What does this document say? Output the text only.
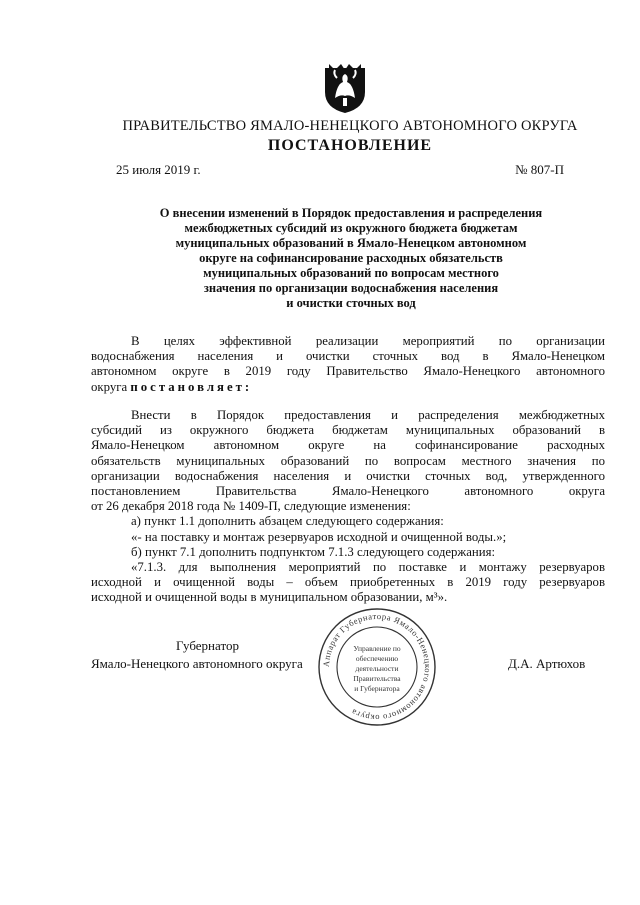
ПРАВИТЕЛЬСТВО ЯМАЛО-НЕНЕЦКОГО АВТОНОМНОГО ОКРУГА
ПОСТАНОВЛЕНИЕ
25 июля 2019 г.	№ 807-П
О внесении изменений в Порядок предоставления и распределения
межбюджетных субсидий из окружного бюджета бюджетам
муниципальных образований в Ямало-Ненецком автономном
округе на софинансирование расходных обязательств
муниципальных образований по вопросам местного
значения по организации водоснабжения населения
и очистки сточных вод
В целях эффективной реализации мероприятий по организации
водоснабжения населения и очистки сточных вод в Ямало-Ненецком
автономном округе в 2019 году Правительство Ямало-Ненецкого автономного
округа постановляет:
Внести в Порядок предоставления и распределения межбюджетных
субсидий из окружного бюджета бюджетам муниципальных образований в
Ямало-Ненецком автономном округе на софинансирование расходных
обязательств муниципальных образований по вопросам местного значения по
организации водоснабжения населения и очистки сточных вод, утвержденного
постановлением Правительства Ямало-Ненецкого автономного округа
от 26 декабря 2018 года № 1409-П, следующие изменения:
а) пункт 1.1 дополнить абзацем следующего содержания:
«- на поставку и монтаж резервуаров исходной и очищенной воды.»;
б) пункт 7.1 дополнить подпунктом 7.1.3 следующего содержания:
«7.1.3. для выполнения мероприятий по поставке и монтажу резервуаров
исходной и очищенной воды – объем приобретенных в 2019 году резервуаров
исходной и очищенной воды в муниципальном образовании, м³».
Губернатор
Ямало-Ненецкого автономного округа	Д.А. Артюхов
Аппарат Губернатора Ямало-Ненецкого автономного округа
Управление по
обеспечению
деятельности
Правительства
и Губернатора
